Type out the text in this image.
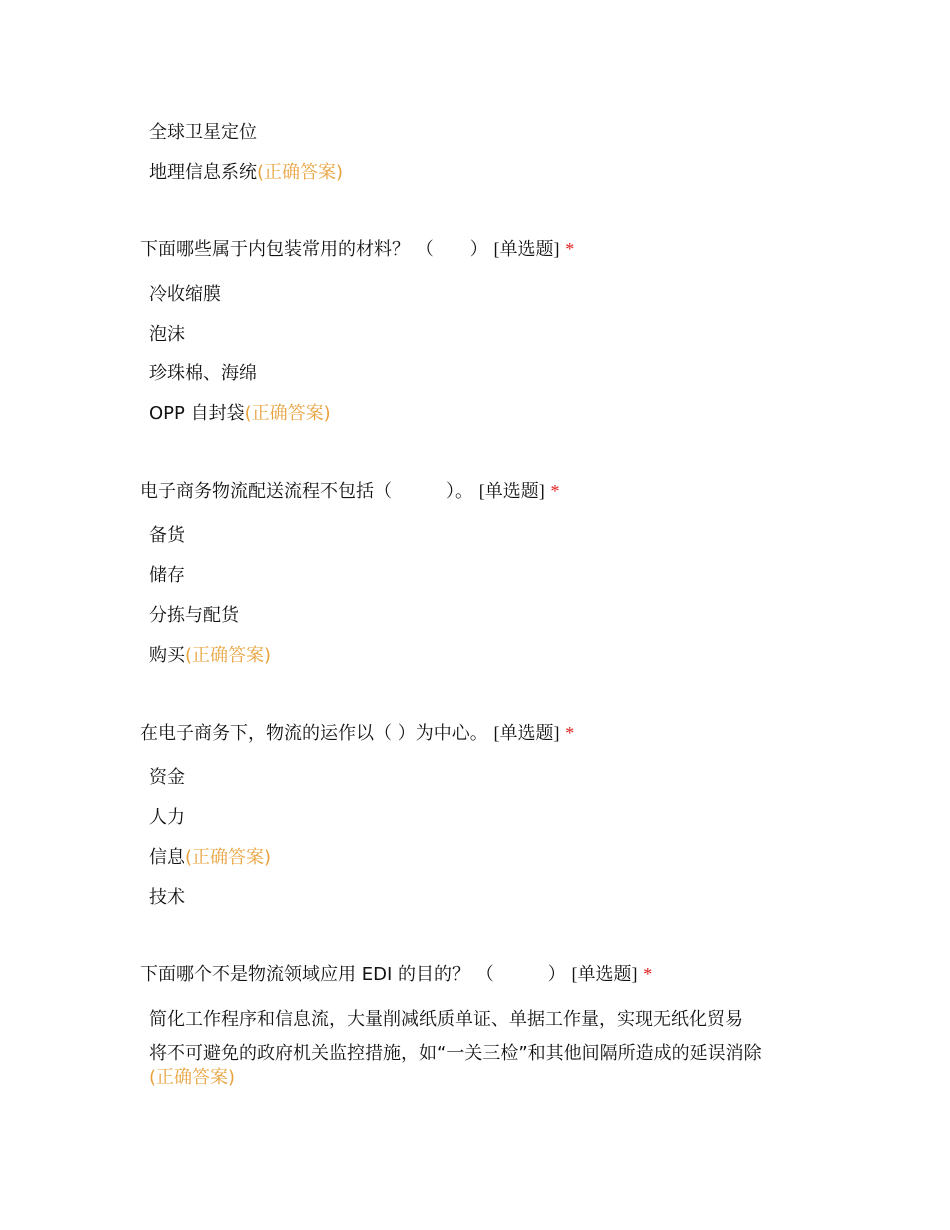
全球卫星定位
地理信息系统(正确答案)
下面哪些属于内包装常用的材料？ （　　） [单选题] *
冷收缩膜
泡沫
珍珠棉、海绵
OPP 自封袋(正确答案)
电子商务物流配送流程不包括（　　　）。 [单选题] *
备货
储存
分拣与配货
购买(正确答案)
在电子商务下，物流的运作以（ ）为中心。 [单选题] *
资金
人力
信息(正确答案)
技术
下面哪个不是物流领域应用 EDI 的目的？ （　　　） [单选题] *
简化工作程序和信息流，大量削减纸质单证、单据工作量，实现无纸化贸易
将不可避免的政府机关监控措施，如“一关三检”和其他间隔所造成的延误消除
(正确答案)
